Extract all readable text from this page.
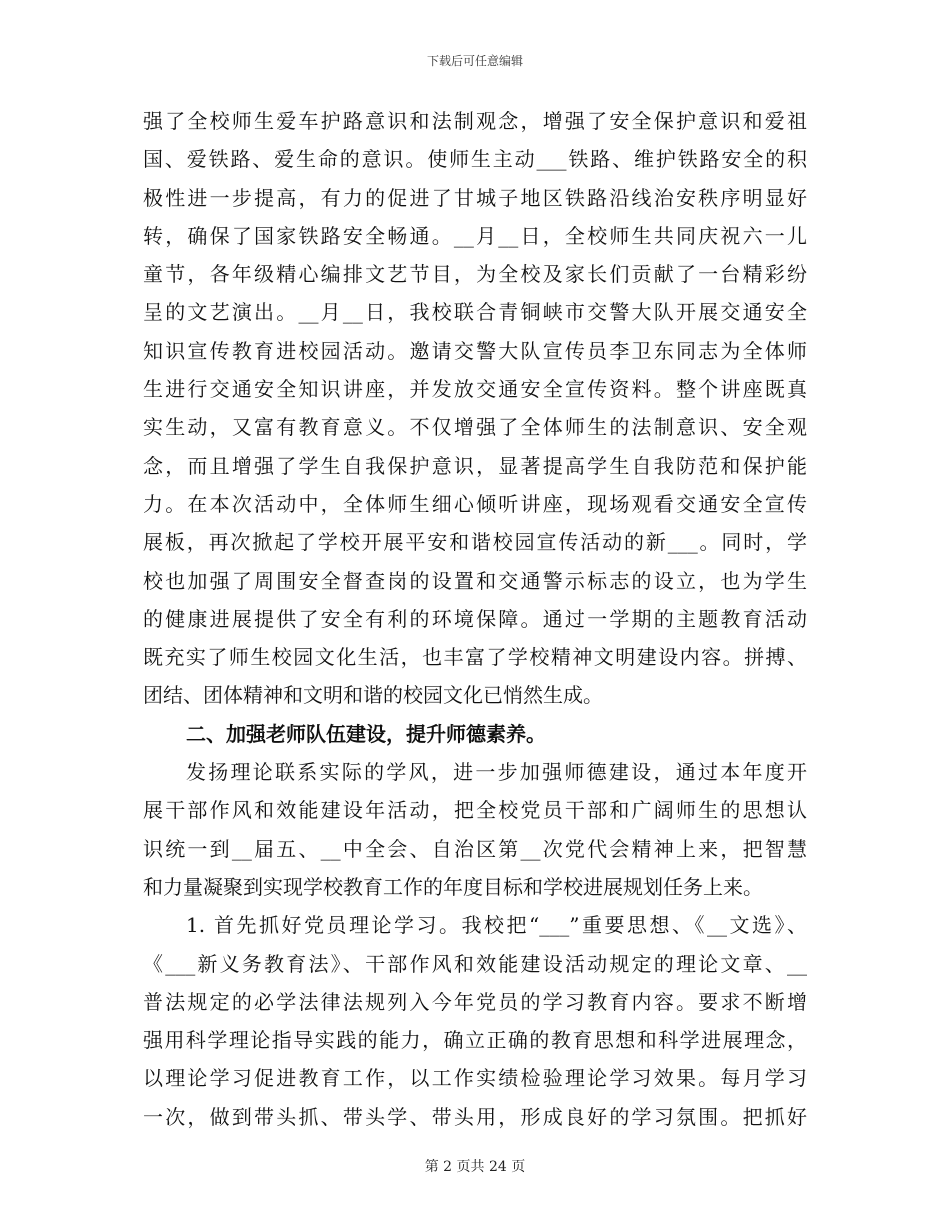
下载后可任意编辑
强了全校师生爱车护路意识和法制观念，增强了安全保护意识和爱祖
国、爱铁路、爱生命的意识。使师生主动___铁路、维护铁路安全的积
极性进一步提高，有力的促进了甘城子地区铁路沿线治安秩序明显好
转，确保了国家铁路安全畅通。__月__日，全校师生共同庆祝六一儿
童节，各年级精心编排文艺节目，为全校及家长们贡献了一台精彩纷
呈的文艺演出。__月__日，我校联合青铜峡市交警大队开展交通安全
知识宣传教育进校园活动。邀请交警大队宣传员李卫东同志为全体师
生进行交通安全知识讲座，并发放交通安全宣传资料。整个讲座既真
实生动，又富有教育意义。不仅增强了全体师生的法制意识、安全观
念，而且增强了学生自我保护意识，显著提高学生自我防范和保护能
力。在本次活动中，全体师生细心倾听讲座，现场观看交通安全宣传
展板，再次掀起了学校开展平安和谐校园宣传活动的新___。同时，学
校也加强了周围安全督查岗的设置和交通警示标志的设立，也为学生
的健康进展提供了安全有利的环境保障。通过一学期的主题教育活动
既充实了师生校园文化生活，也丰富了学校精神文明建设内容。拼搏、
团结、团体精神和文明和谐的校园文化已悄然生成。
二、加强老师队伍建设，提升师德素养。
发扬理论联系实际的学风，进一步加强师德建设，通过本年度开
展干部作风和效能建设年活动，把全校党员干部和广阔师生的思想认
识统一到__届五、__中全会、自治区第__次党代会精神上来，把智慧
和力量凝聚到实现学校教育工作的年度目标和学校进展规划任务上来。
1. 首先抓好党员理论学习。我校把“___”重要思想、《__文选》、
《___新义务教育法》、干部作风和效能建设活动规定的理论文章、__
普法规定的必学法律法规列入今年党员的学习教育内容。要求不断增
强用科学理论指导实践的能力，确立正确的教育思想和科学进展理念，
以理论学习促进教育工作，以工作实绩检验理论学习效果。每月学习
一次，做到带头抓、带头学、带头用，形成良好的学习氛围。把抓好
第 2 页共 24 页
